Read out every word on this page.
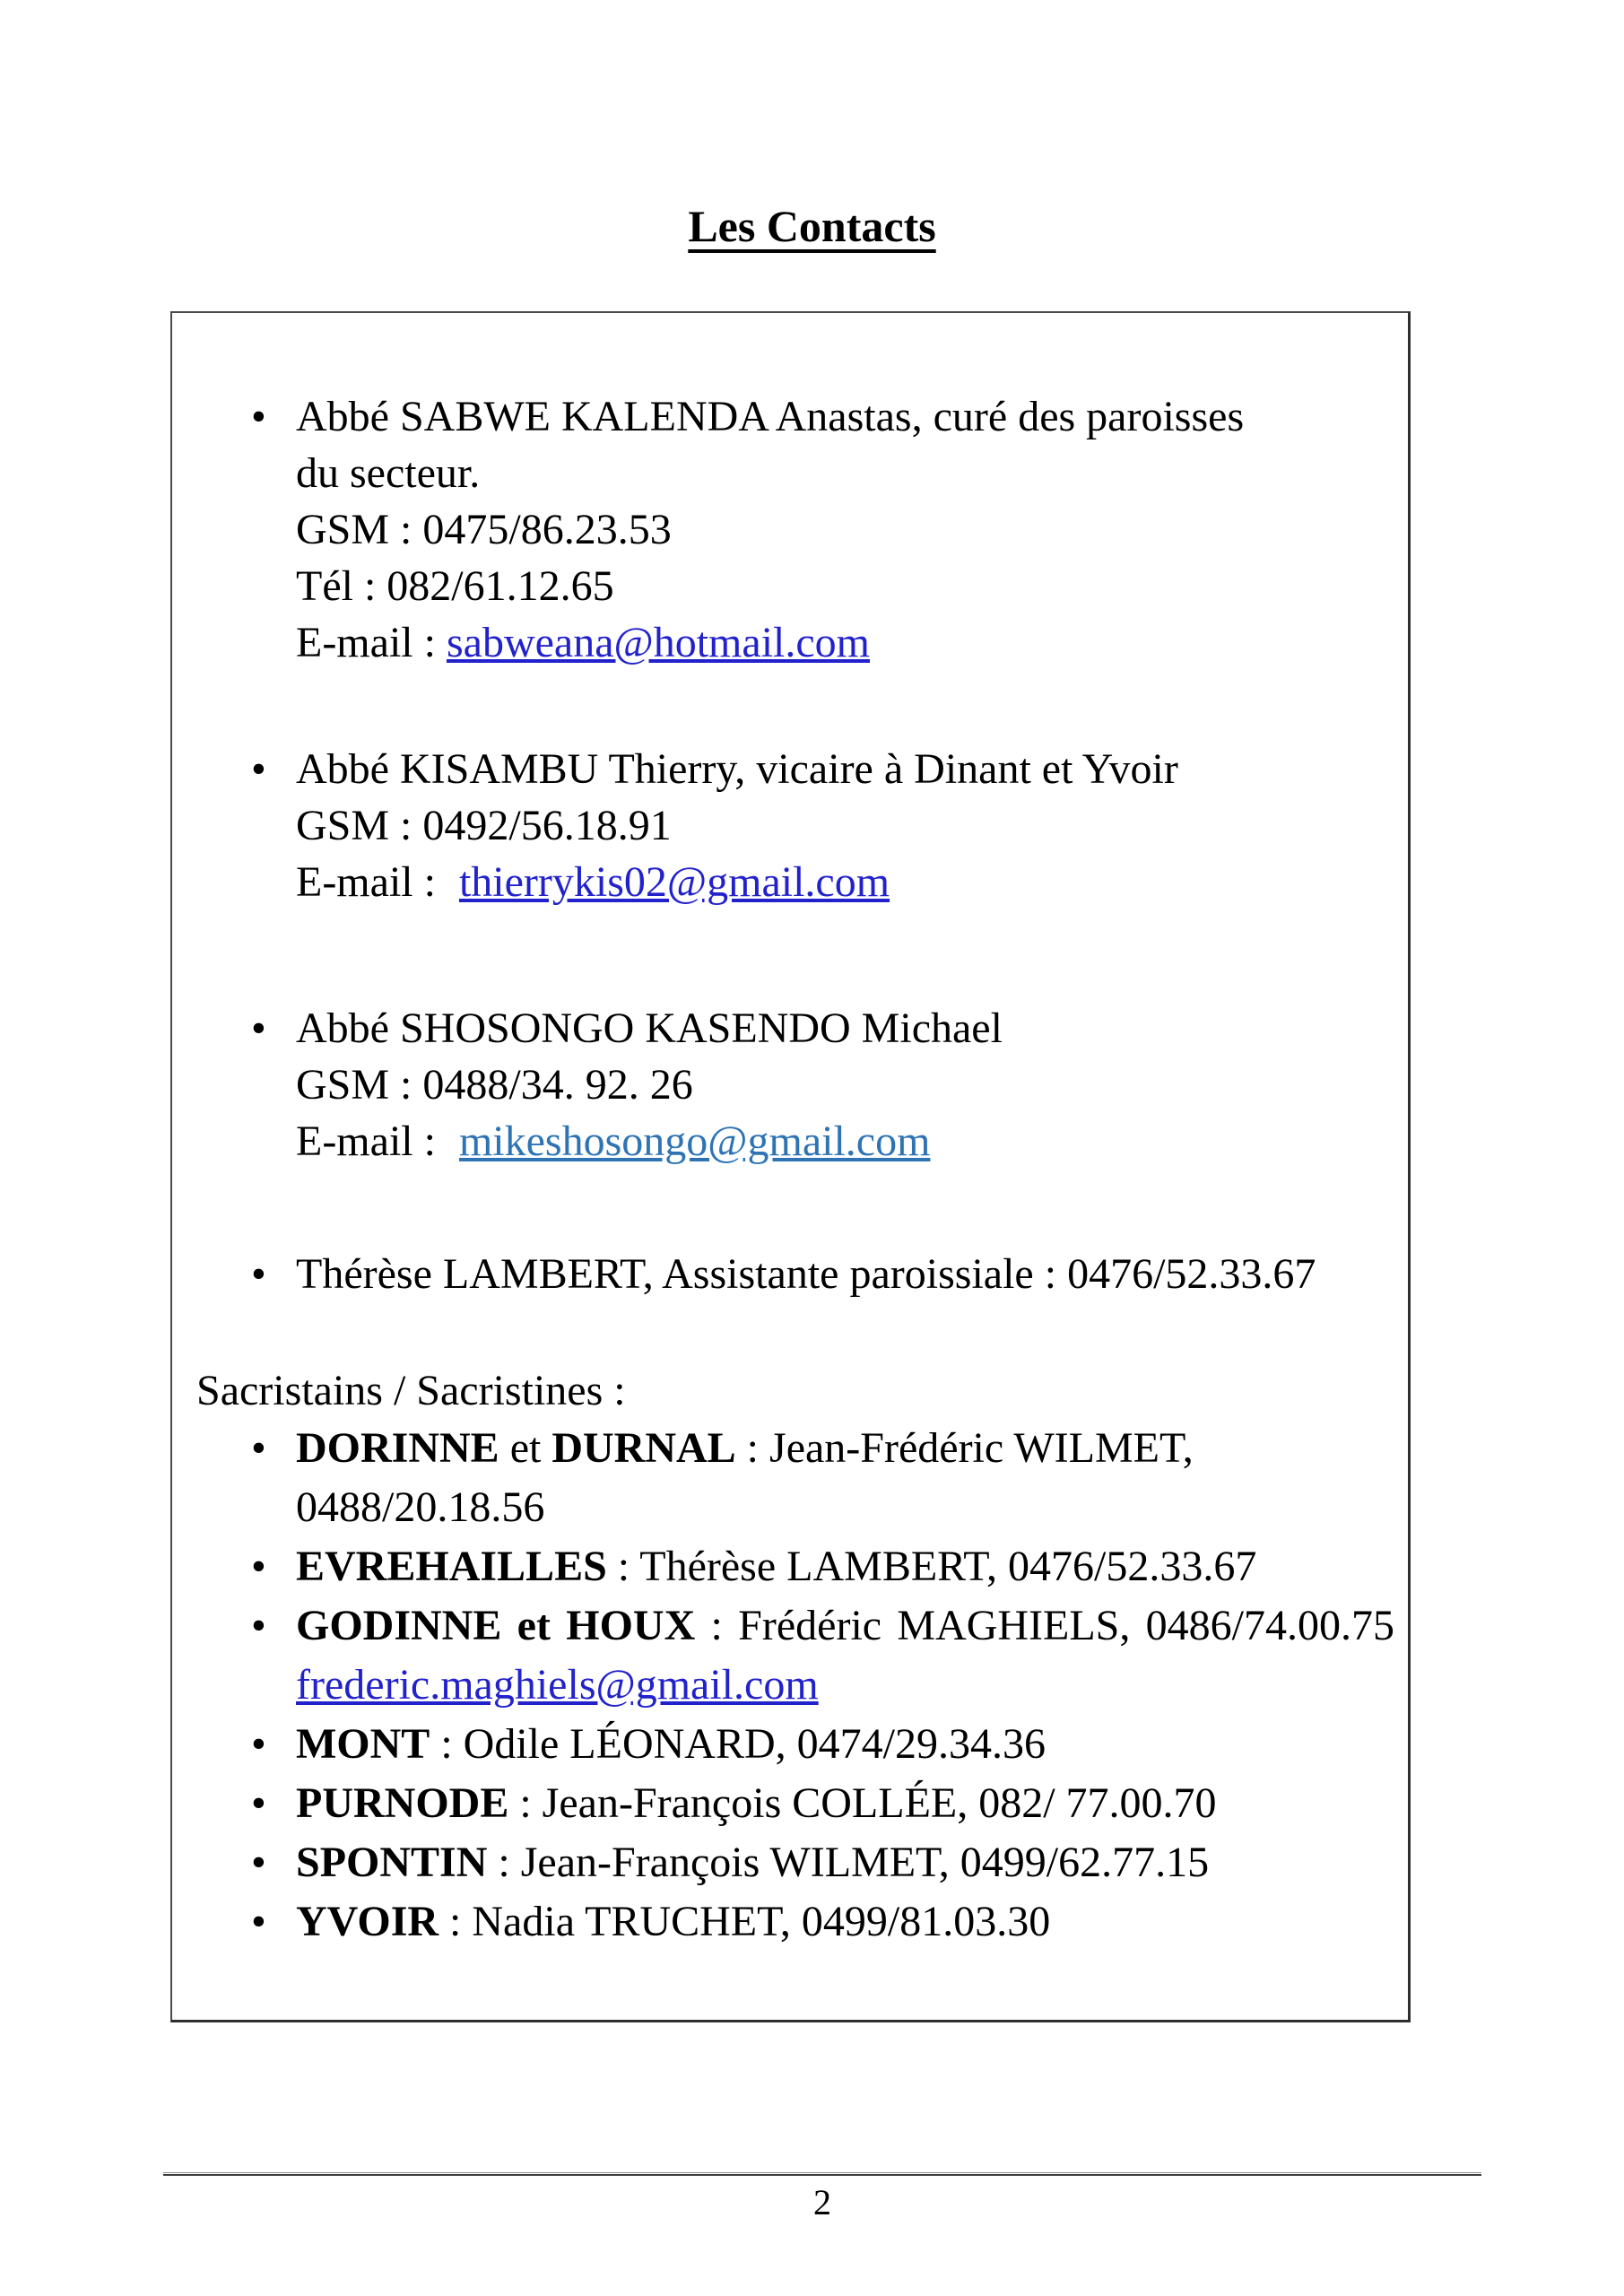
Les Contacts
• Abbé SABWE KALENDA Anastas, curé des paroisses
du secteur.
GSM : 0475/86.23.53
Tél : 082/61.12.65
E-mail : sabweana@hotmail.com
• Abbé KISAMBU Thierry, vicaire à Dinant et Yvoir
GSM : 0492/56.18.91
E-mail : thierrykis02@gmail.com
• Abbé SHOSONGO KASENDO Michael
GSM : 0488/34. 92. 26
E-mail : mikeshosongo@gmail.com
• Thérèse LAMBERT, Assistante paroissiale : 0476/52.33.67
Sacristains / Sacristines :
• DORINNE et DURNAL : Jean-Frédéric WILMET,
0488/20.18.56
• EVREHAILLES : Thérèse LAMBERT, 0476/52.33.67
• GODINNE et HOUX : Frédéric MAGHIELS, 0486/74.00.75
frederic.maghiels@gmail.com
• MONT : Odile LÉONARD, 0474/29.34.36
• PURNODE : Jean-François COLLÉE, 082/ 77.00.70
• SPONTIN : Jean-François WILMET, 0499/62.77.15
• YVOIR : Nadia TRUCHET, 0499/81.03.30
2
